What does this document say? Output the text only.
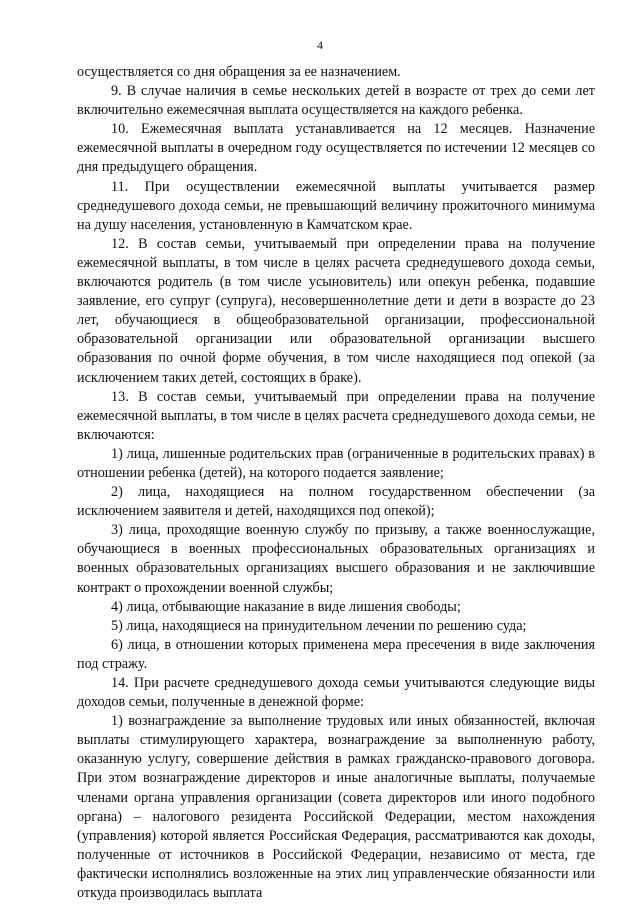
4

осуществляется со дня обращения за ее назначением.

9. В случае наличия в семье нескольких детей в возрасте от трех до семи лет включительно ежемесячная выплата осуществляется на каждого ребенка.

10. Ежемесячная выплата устанавливается на 12 месяцев. Назначение ежемесячной выплаты в очередном году осуществляется по истечении 12 месяцев со дня предыдущего обращения.

11. При осуществлении ежемесячной выплаты учитывается размер среднедушевого дохода семьи, не превышающий величину прожиточного минимума на душу населения, установленную в Камчатском крае.

12. В состав семьи, учитываемый при определении права на получение ежемесячной выплаты, в том числе в целях расчета среднедушевого дохода семьи, включаются родитель (в том числе усыновитель) или опекун ребенка, подавшие заявление, его супруг (супруга), несовершеннолетние дети и дети в возрасте до 23 лет, обучающиеся в общеобразовательной организации, профессиональной образовательной организации или образовательной организации высшего образования по очной форме обучения, в том числе находящиеся под опекой (за исключением таких детей, состоящих в браке).

13. В состав семьи, учитываемый при определении права на получение ежемесячной выплаты, в том числе в целях расчета среднедушевого дохода семьи, не включаются:

1) лица, лишенные родительских прав (ограниченные в родительских правах) в отношении ребенка (детей), на которого подается заявление;

2) лица, находящиеся на полном государственном обеспечении (за исключением заявителя и детей, находящихся под опекой);

3) лица, проходящие военную службу по призыву, а также военнослужащие, обучающиеся в военных профессиональных образовательных организациях и военных образовательных организациях высшего образования и не заключившие контракт о прохождении военной службы;

4) лица, отбывающие наказание в виде лишения свободы;

5) лица, находящиеся на принудительном лечении по решению суда;

6) лица, в отношении которых применена мера пресечения в виде заключения под стражу.

14. При расчете среднедушевого дохода семьи учитываются следующие виды доходов семьи, полученные в денежной форме:

1) вознаграждение за выполнение трудовых или иных обязанностей, включая выплаты стимулирующего характера, вознаграждение за выполненную работу, оказанную услугу, совершение действия в рамках гражданско-правового договора. При этом вознаграждение директоров и иные аналогичные выплаты, получаемые членами органа управления организации (совета директоров или иного подобного органа) – налогового резидента Российской Федерации, местом нахождения (управления) которой является Российская Федерация, рассматриваются как доходы, полученные от источников в Российской Федерации, независимо от места, где фактически исполнялись возложенные на этих лиц управленческие обязанности или откуда производилась выплата
